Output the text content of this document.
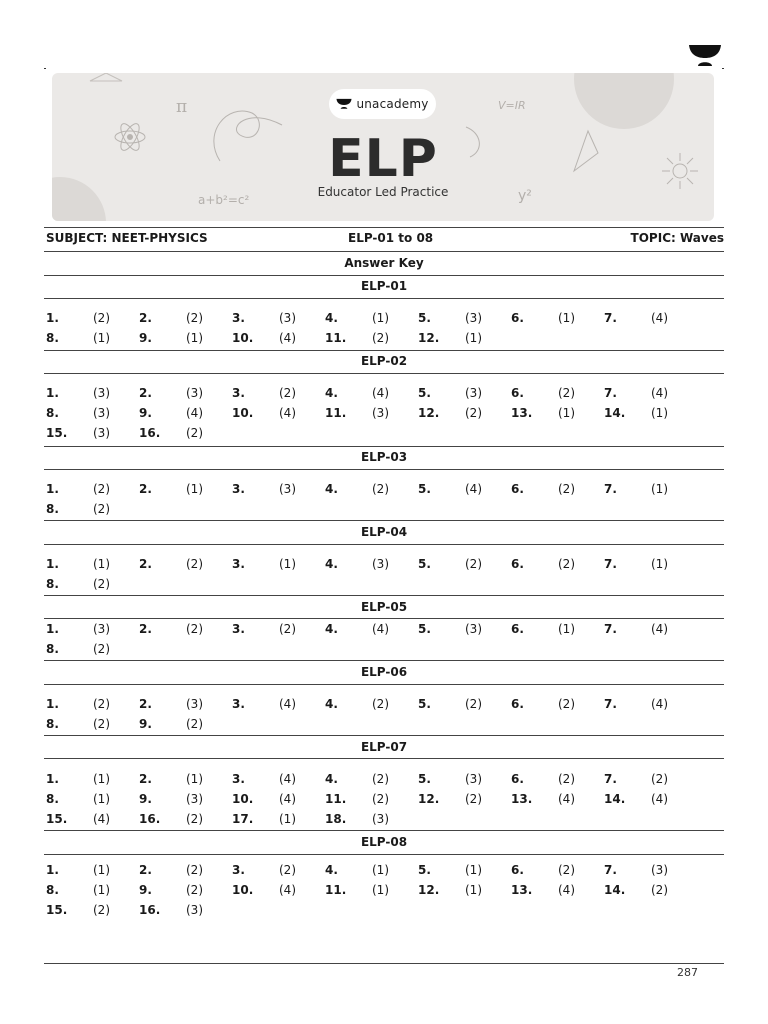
π	V=IR
a+b²=c²	y²
unacademy
ELP
Educator Led Practice
SUBJECT: NEET-PHYSICS	ELP-01 to 08	TOPIC: Waves
Answer Key
ELP-01
1.	(2) 2.	(2) 3.	(3) 4.	(1) 5.	(3) 6.	(1) 7.	(4)
8.	(1) 9.	(1) 10. (4) 11. (2) 12. (1)
ELP-02
1.	(3) 2.	(3) 3.	(2) 4.	(4) 5.	(3) 6.	(2) 7.	(4)
8.	(3) 9.	(4) 10. (4) 11. (3) 12. (2) 13. (1) 14. (1)
15. (3) 16. (2)
ELP-03
1.	(2) 2.	(1) 3.	(3) 4.	(2) 5.	(4) 6.	(2) 7.	(1)
8.	(2)
ELP-04
1.	(1) 2.	(2) 3.	(1) 4.	(3) 5.	(2) 6.	(2) 7.	(1)
8.	(2)
ELP-05
1.	(3) 2.	(2) 3.	(2) 4.	(4) 5.	(3) 6.	(1) 7.	(4)
8.	(2)
ELP-06
1.	(2) 2.	(3) 3.	(4) 4.	(2) 5.	(2) 6.	(2) 7.	(4)
8.	(2) 9.	(2)
ELP-07
1.	(1) 2.	(1) 3.	(4) 4.	(2) 5.	(3) 6.	(2) 7.	(2)
8.	(1) 9.	(3) 10. (4) 11. (2) 12. (2) 13. (4) 14. (4)
15. (4) 16. (2) 17. (1) 18. (3)
ELP-08
1.	(1) 2.	(2) 3.	(2) 4.	(1) 5.	(1) 6.	(2) 7.	(3)
8.	(1) 9.	(2) 10. (4) 11. (1) 12. (1) 13. (4) 14. (2)
15. (2) 16. (3)
287
